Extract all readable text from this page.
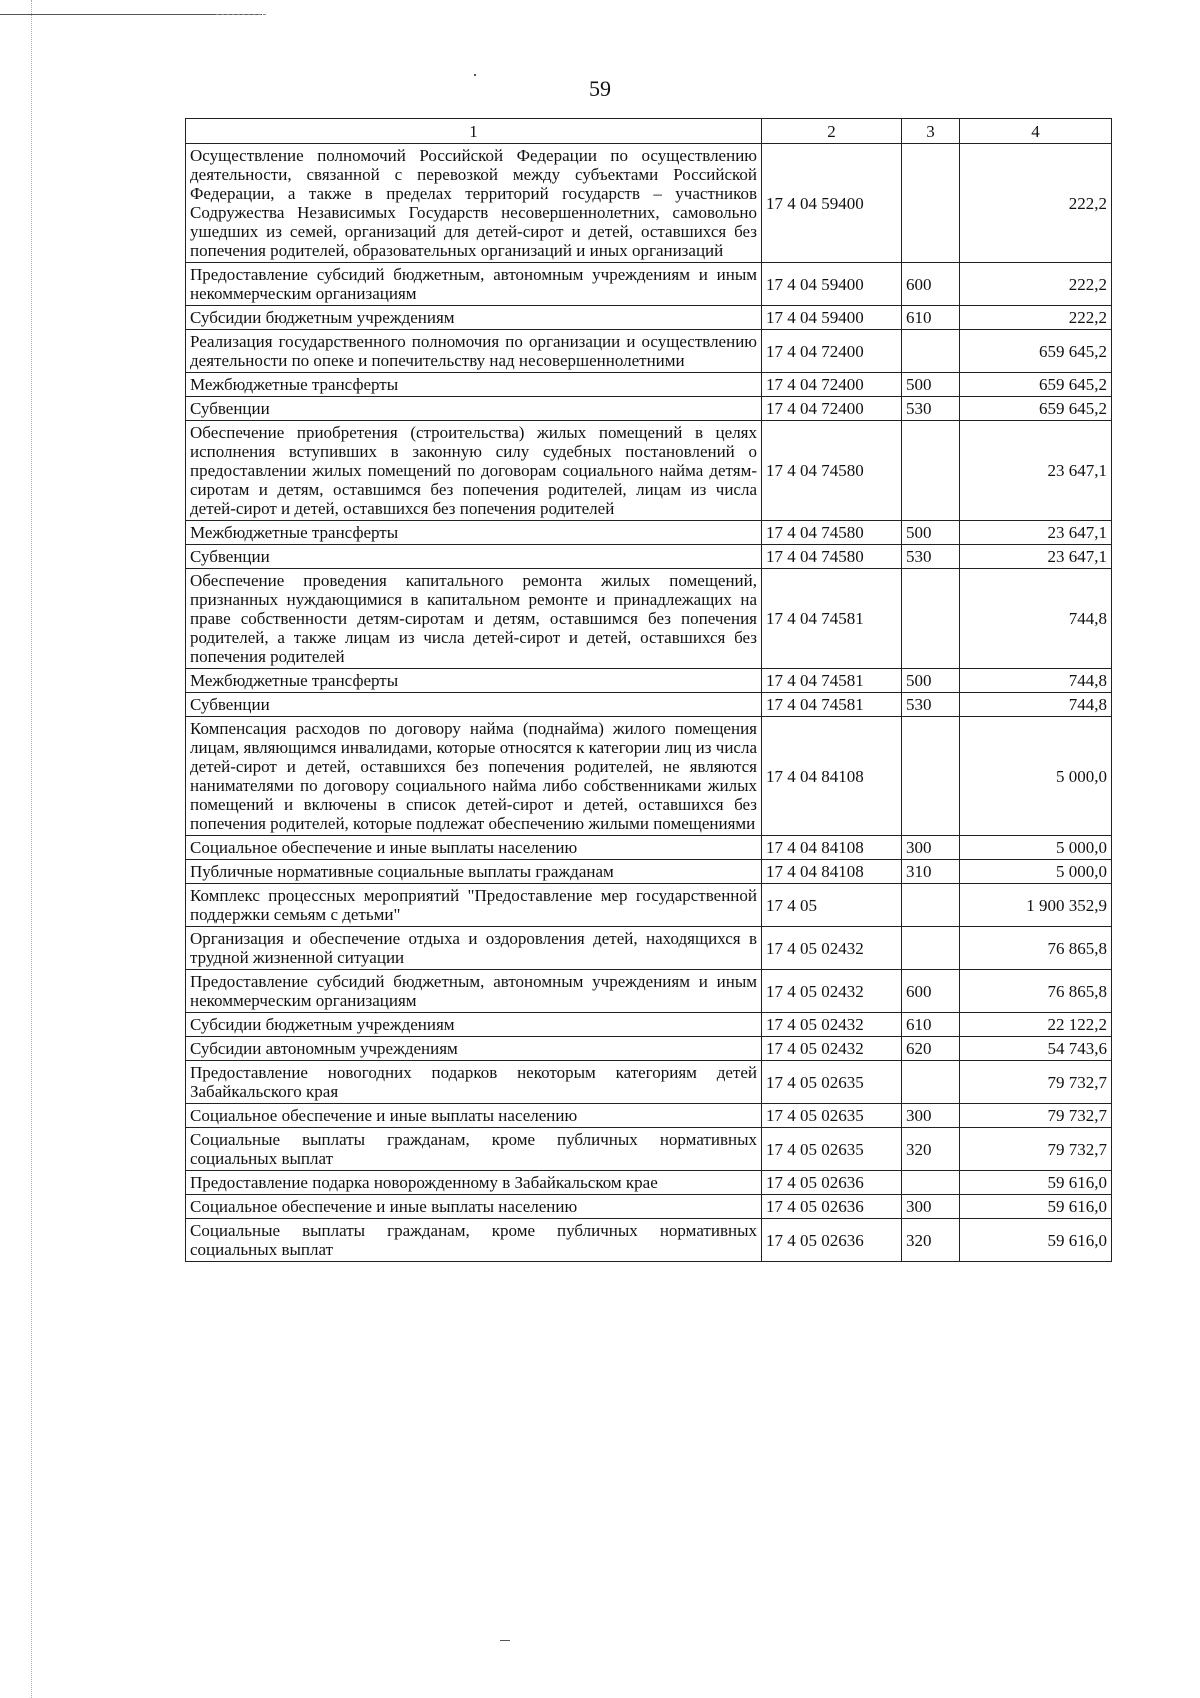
59
1	2	3	4
Осуществление полномочий Российской Федерации по осуществлению деятельности, связанной с перевозкой между субъектами Российской Федерации, а также в пределах территорий государств – участников Содружества Независимых Государств несовершеннолетних, самовольно ушедших из семей, организаций для детей-сирот и детей, оставшихся без попечения родителей, образовательных организаций и иных организаций	17 4 04 59400		222,2
Предоставление субсидий бюджетным, автономным учреждениям и иным некоммерческим организациям	17 4 04 59400	600	222,2
Субсидии бюджетным учреждениям	17 4 04 59400	610	222,2
Реализация государственного полномочия по организации и осуществлению деятельности по опеке и попечительству над несовершеннолетними	17 4 04 72400		659 645,2
Межбюджетные трансферты	17 4 04 72400	500	659 645,2
Субвенции	17 4 04 72400	530	659 645,2
Обеспечение приобретения (строительства) жилых помещений в целях исполнения вступивших в законную силу судебных постановлений о предоставлении жилых помещений по договорам социального найма детям-сиротам и детям, оставшимся без попечения родителей, лицам из числа детей-сирот и детей, оставшихся без попечения родителей	17 4 04 74580		23 647,1
Межбюджетные трансферты	17 4 04 74580	500	23 647,1
Субвенции	17 4 04 74580	530	23 647,1
Обеспечение проведения капитального ремонта жилых помещений, признанных нуждающимися в капитальном ремонте и принадлежащих на праве собственности детям-сиротам и детям, оставшимся без попечения родителей, а также лицам из числа детей-сирот и детей, оставшихся без попечения родителей	17 4 04 74581		744,8
Межбюджетные трансферты	17 4 04 74581	500	744,8
Субвенции	17 4 04 74581	530	744,8
Компенсация расходов по договору найма (поднайма) жилого помещения лицам, являющимся инвалидами, которые относятся к категории лиц из числа детей-сирот и детей, оставшихся без попечения родителей, не являются нанимателями по договору социального найма либо собственниками жилых помещений и включены в список детей-сирот и детей, оставшихся без попечения родителей, которые подлежат обеспечению жилыми помещениями	17 4 04 84108		5 000,0
Социальное обеспечение и иные выплаты населению	17 4 04 84108	300	5 000,0
Публичные нормативные социальные выплаты гражданам	17 4 04 84108	310	5 000,0
Комплекс процессных мероприятий "Предоставление мер государственной поддержки семьям с детьми"	17 4 05		1 900 352,9
Организация и обеспечение отдыха и оздоровления детей, находящихся в трудной жизненной ситуации	17 4 05 02432		76 865,8
Предоставление субсидий бюджетным, автономным учреждениям и иным некоммерческим организациям	17 4 05 02432	600	76 865,8
Субсидии бюджетным учреждениям	17 4 05 02432	610	22 122,2
Субсидии автономным учреждениям	17 4 05 02432	620	54 743,6
Предоставление новогодних подарков некоторым категориям детей Забайкальского края	17 4 05 02635		79 732,7
Социальное обеспечение и иные выплаты населению	17 4 05 02635	300	79 732,7
Социальные выплаты гражданам, кроме публичных нормативных социальных выплат	17 4 05 02635	320	79 732,7
Предоставление подарка новорожденному в Забайкальском крае	17 4 05 02636		59 616,0
Социальное обеспечение и иные выплаты населению	17 4 05 02636	300	59 616,0
Социальные выплаты гражданам, кроме публичных нормативных социальных выплат	17 4 05 02636	320	59 616,0
